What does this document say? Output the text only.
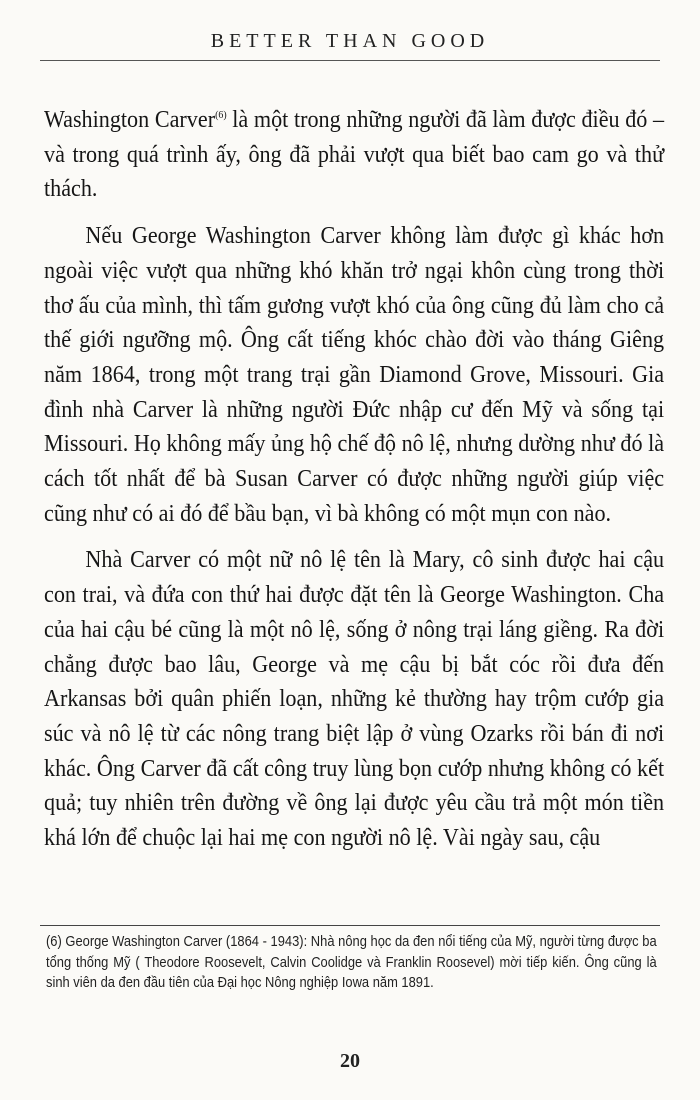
BETTER THAN GOOD

Washington Carver$^{(6)}$ là một trong những người đã làm được điều đó – và trong quá trình ấy, ông đã phải vượt qua biết bao cam go và thử thách.

Nếu George Washington Carver không làm được gì khác hơn ngoài việc vượt qua những khó khăn trở ngại khôn cùng trong thời thơ ấu của mình, thì tấm gương vượt khó của ông cũng đủ làm cho cả thế giới ngưỡng mộ. Ông cất tiếng khóc chào đời vào tháng Giêng năm 1864, trong một trang trại gần Diamond Grove, Missouri. Gia đình nhà Carver là những người Đức nhập cư đến Mỹ và sống tại Missouri. Họ không mấy ủng hộ chế độ nô lệ, nhưng dường như đó là cách tốt nhất để bà Susan Carver có được những người giúp việc cũng như có ai đó để bầu bạn, vì bà không có một mụn con nào.

Nhà Carver có một nữ nô lệ tên là Mary, cô sinh được hai cậu con trai, và đứa con thứ hai được đặt tên là George Washington. Cha của hai cậu bé cũng là một nô lệ, sống ở nông trại láng giềng. Ra đời chẳng được bao lâu, George và mẹ cậu bị bắt cóc rồi đưa đến Arkansas bởi quân phiến loạn, những kẻ thường hay trộm cướp gia súc và nô lệ từ các nông trang biệt lập ở vùng Ozarks rồi bán đi nơi khác. Ông Carver đã cất công truy lùng bọn cướp nhưng không có kết quả; tuy nhiên trên đường về ông lại được yêu cầu trả một món tiền khá lớn để chuộc lại hai mẹ con người nô lệ. Vài ngày sau, cậu

(6) George Washington Carver (1864 - 1943): Nhà nông học da đen nổi tiếng của Mỹ, người từng được ba tổng thống Mỹ ( Theodore Roosevelt, Calvin Coolidge và Franklin Roosevel) mời tiếp kiến. Ông cũng là sinh viên da đen đầu tiên của Đại học Nông nghiệp Iowa năm 1891.

20
